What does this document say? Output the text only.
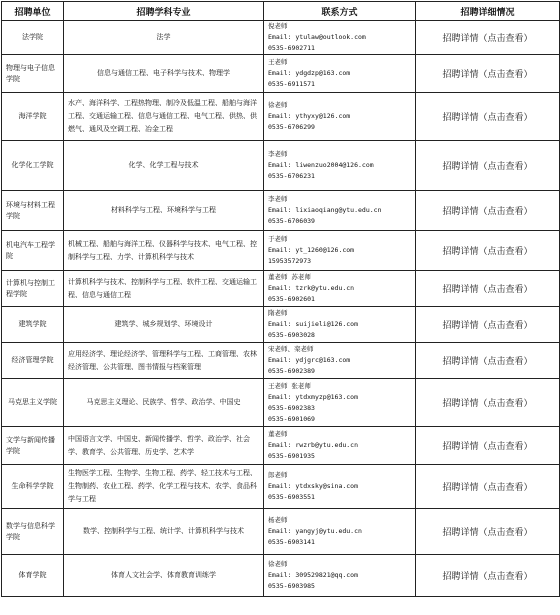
招聘单位	招聘学科专业	联系方式	招聘详细情况
法学院	法学	倪老师
Email: ytulaw@outlook.com
0535-6902711	招聘详情（点击查看）
物理与电子信息学院	信息与通信工程、电子科学与技术、物理学	王老师
Email: ydgdzp@163.com
0535-6911571	招聘详情（点击查看）
海洋学院	水产、海洋科学、工程热物理、制冷及低温工程、船舶与海洋工程、交通运输工程、信息与通信工程、电气工程、供热、供燃气、通风及空调工程、冶金工程	徐老师
Email: ythyxy@126.com
0535-6706299	招聘详情（点击查看）
化学化工学院	化学、化学工程与技术	李老师
Email: liwenzuo2004@126.com
0535-6706231	招聘详情（点击查看）
环境与材料工程学院	材料科学与工程、环境科学与工程	李老师
Email: lixiaoqiang@ytu.edu.cn
0535-6706039	招聘详情（点击查看）
机电汽车工程学院	机械工程、船舶与海洋工程、仪器科学与技术、电气工程、控制科学与工程、力学、计算机科学与技术	于老师
Email: yt_1260@126.com
15953572973	招聘详情（点击查看）
计算机与控制工程学院	计算机科学与技术、控制科学与工程、软件工程、交通运输工程、信息与通信工程	董老师 苏老师
Email: tzrk@ytu.edu.cn
0535-6902601	招聘详情（点击查看）
建筑学院	建筑学、城乡规划学、环境设计	隋老师
Email: suijieli@126.com
0535-6903028	招聘详情（点击查看）
经济管理学院	应用经济学、理论经济学、管理科学与工程、工商管理、农林经济管理、公共管理、图书情报与档案管理	宋老师、栾老师
Email: ydjgrc@163.com
0535-6902389	招聘详情（点击查看）
马克思主义学院	马克思主义理论、民族学、哲学、政治学、中国史	王老师 张老师
Email: ytdxmyzp@163.com
0535-6902383
0535-6901069	招聘详情（点击查看）
文学与新闻传播学院	中国语言文学、中国史、新闻传播学、哲学、政治学、社会学、教育学、公共管理、历史学、艺术学	董老师
Email: rwzrb@ytu.edu.cn
0535-6901935	招聘详情（点击查看）
生命科学学院	生物医学工程、生物学、生物工程、药学、轻工技术与工程、生物制药、农业工程、药学、化学工程与技术、农学、食品科学与工程	郎老师
Email: ytdxsky@sina.com
0535-6903551	招聘详情（点击查看）
数学与信息科学学院	数学、控制科学与工程、统计学、计算机科学与技术	杨老师
Email: yangyj@ytu.edu.cn
0535-6903141	招聘详情（点击查看）
体育学院	体育人文社会学、体育教育训练学	徐老师
Email: 309529821@qq.com
0535-6903985	招聘详情（点击查看）
